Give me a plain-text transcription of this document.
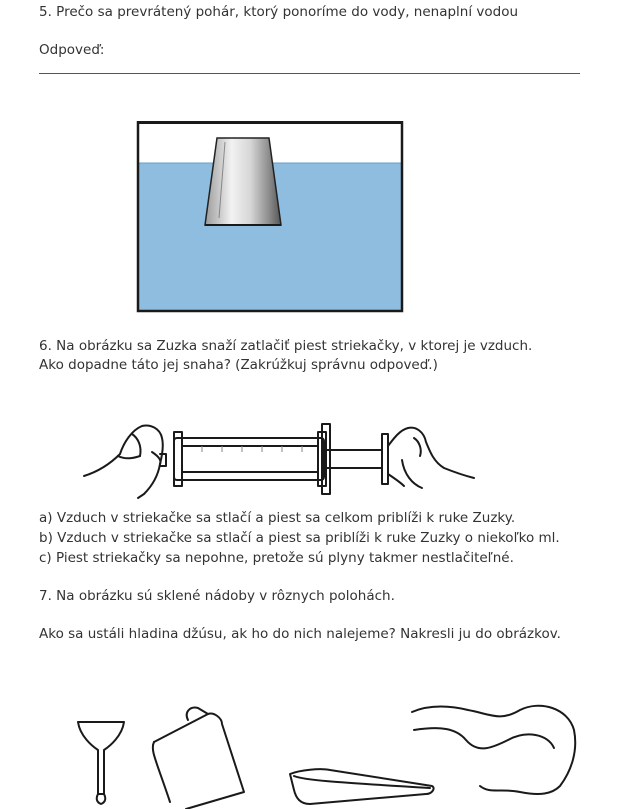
5. Prečo sa prevrátený pohár, ktorý ponoríme do vody, nenaplní vodou
Odpoveď:
6. Na obrázku sa Zuzka snaží zatlačiť piest striekačky, v ktorej je vzduch.
Ako dopadne táto jej snaha? (Zakrúžkuj správnu odpoveď.)
a) Vzduch v striekačke sa stlačí a piest sa celkom priblíži k ruke Zuzky.
b) Vzduch v striekačke sa stlačí a piest sa priblíži k ruke Zuzky o niekoľko ml.
c) Piest striekačky sa nepohne, pretože sú plyny takmer nestlačiteľné.
7. Na obrázku sú sklené nádoby v rôznych polohách.
Ako sa ustáli hladina džúsu, ak ho do nich nalejeme? Nakresli ju do obrázkov.
